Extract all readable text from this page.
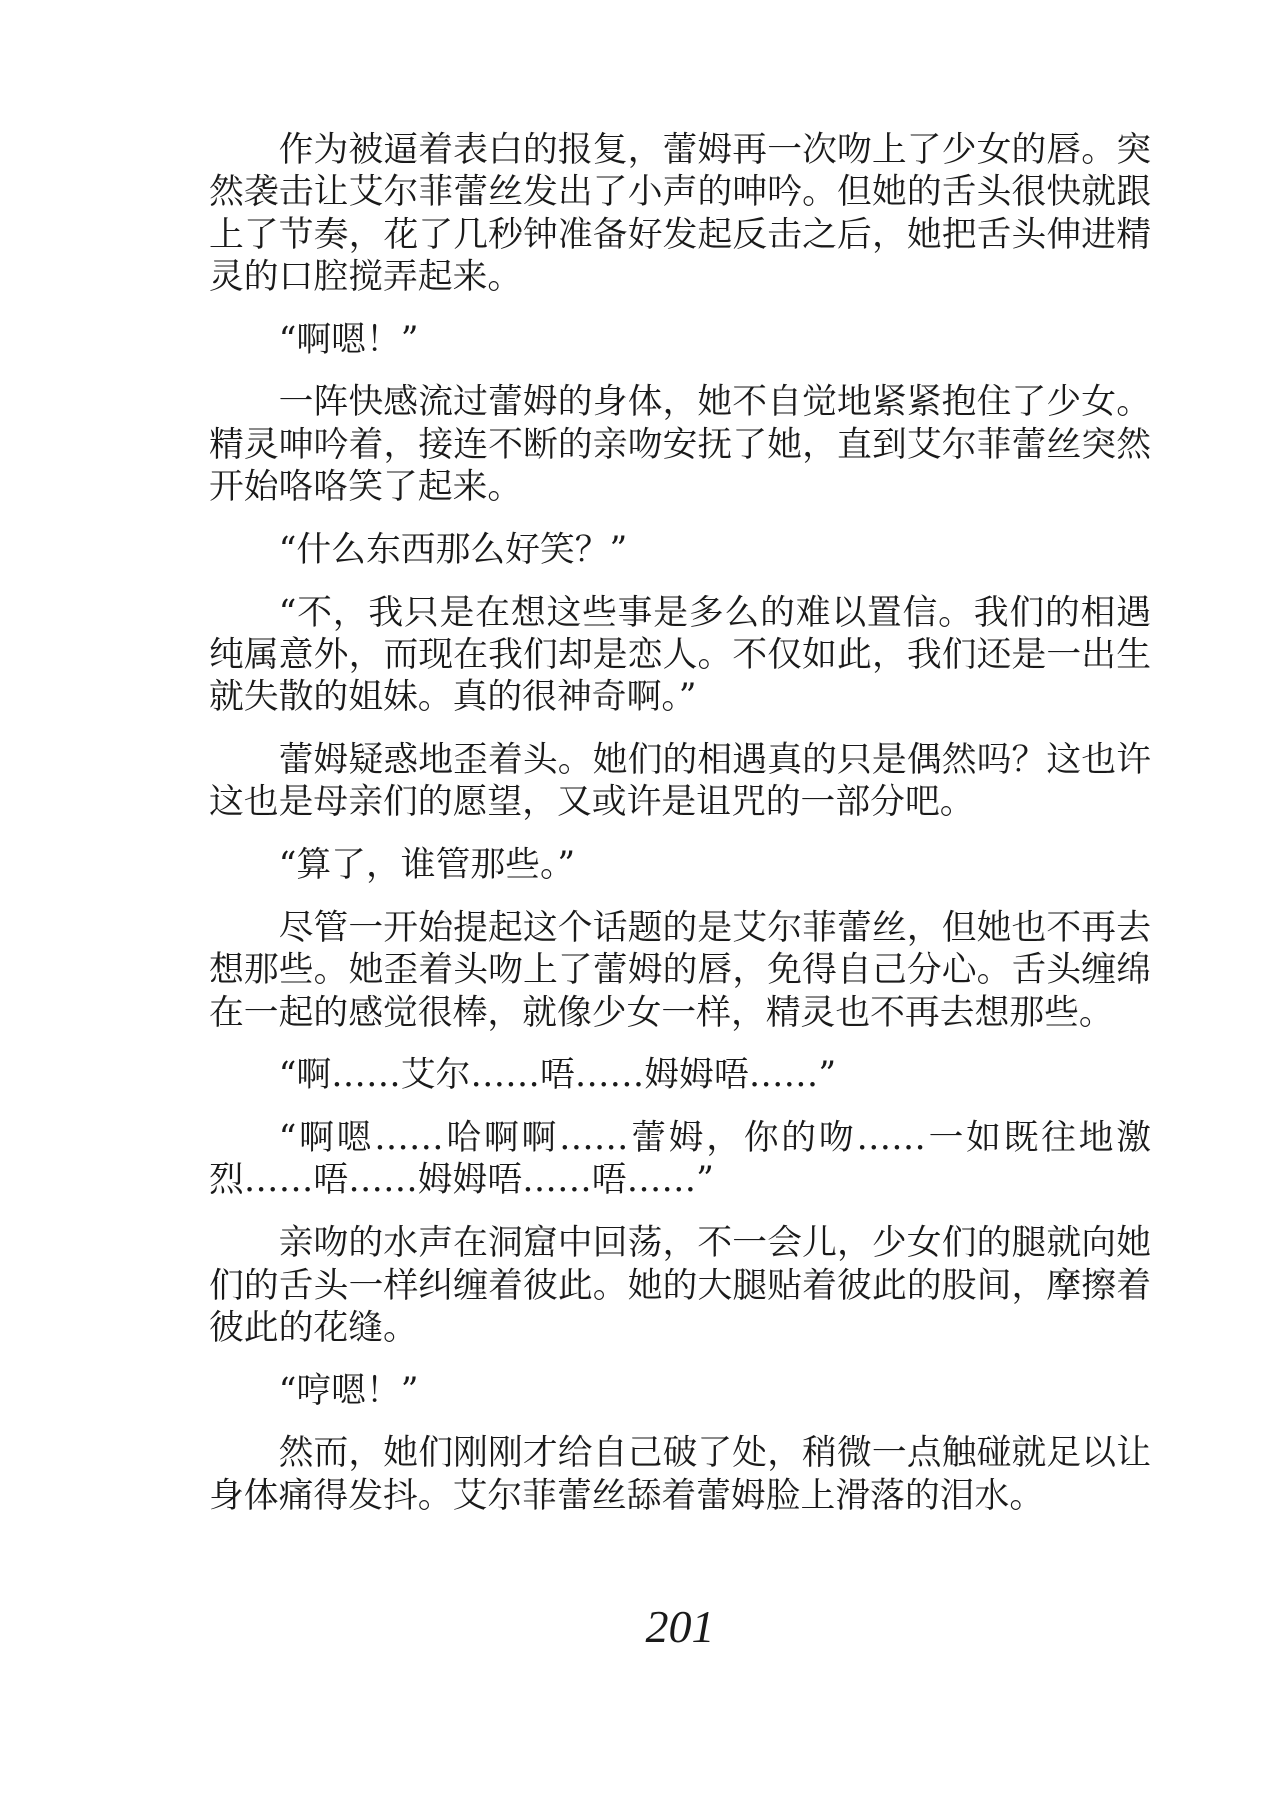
作为被逼着表白的报复，蕾姆再一次吻上了少女的唇。突然袭击让艾尔菲蕾丝发出了小声的呻吟。但她的舌头很快就跟上了节奏，花了几秒钟准备好发起反击之后，她把舌头伸进精灵的口腔搅弄起来。

“啊嗯！”

一阵快感流过蕾姆的身体，她不自觉地紧紧抱住了少女。精灵呻吟着，接连不断的亲吻安抚了她，直到艾尔菲蕾丝突然开始咯咯笑了起来。

“什么东西那么好笑？”

“不，我只是在想这些事是多么的难以置信。我们的相遇纯属意外，而现在我们却是恋人。不仅如此，我们还是一出生就失散的姐妹。真的很神奇啊。”

蕾姆疑惑地歪着头。她们的相遇真的只是偶然吗？这也许这也是母亲们的愿望，又或许是诅咒的一部分吧。

“算了，谁管那些。”

尽管一开始提起这个话题的是艾尔菲蕾丝，但她也不再去想那些。她歪着头吻上了蕾姆的唇，免得自己分心。舌头缠绵在一起的感觉很棒，就像少女一样，精灵也不再去想那些。

“啊……艾尔……唔……姆姆唔……”

“啊嗯……哈啊啊……蕾姆，你的吻……一如既往地激烈……唔……姆姆唔……唔……”

亲吻的水声在洞窟中回荡，不一会儿，少女们的腿就向她们的舌头一样纠缠着彼此。她的大腿贴着彼此的股间，摩擦着彼此的花缝。

“哼嗯！”

然而，她们刚刚才给自己破了处，稍微一点触碰就足以让身体痛得发抖。艾尔菲蕾丝舔着蕾姆脸上滑落的泪水。

201
